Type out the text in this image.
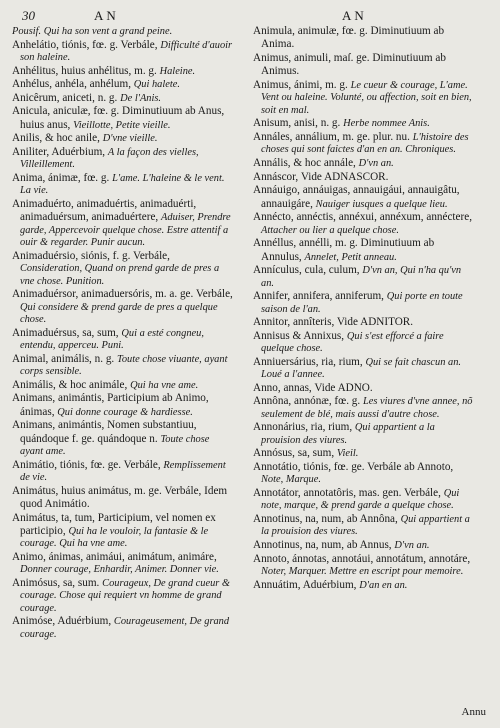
30	AN	AN

Pousif. Qui ha son vent a grand peine.

Anhelátio, tiónis, fœ. g. Verbále, Difficulté d'auoir son haleine.

Anhélitus, huius anhélitus, m. g. Haleine.

Anhélus, anhéla, anhélum, Qui halete.

Anicêrum, aniceti, n. g. De l'Anis.

Anicula, aniculæ, fœ. g. Diminutiuum ab Anus, huius anus, Vieillotte, Petite vieille.

Anilis, & hoc anile, D'vne vieille.

Aniliter, Aduérbium, A la façon des vielles, Villeillement.

Anima, ánimæ, fœ. g. L'ame. L'haleine & le vent. La vie.

Animaduérto, animaduértis, animaduérti, animaduérsum, animaduértere, Aduiser, Prendre garde, Appercevoir quelque chose. Estre attentif a ouir & regarder. Punir aucun.

Animaduérsio, siónis, f. g. Verbále, Consideration, Quand on prend garde de pres a vne chose. Punition.

Animaduérsor, animaduersóris, m. a. ge. Verbále, Qui considere & prend garde de pres a quelque chose.

Animaduérsus, sa, sum, Qui a esté congneu, entendu, apperceu. Puni.

Animal, animális, n. g. Toute chose viuante, ayant corps sensible.

Animális, & hoc animále, Qui ha vne ame.

Animans, animántis, Participium ab Animo, ánimas, Qui donne courage & hardiesse.

Animans, animántis, Nomen substantiuu, quándoque f. ge. quándoque n. Toute chose ayant ame.

Animátio, tiónis, fœ. ge. Verbále, Remplissement de vie.

Animátus, huius animátus, m. ge. Verbále, Idem quod Animátio.

Animátus, ta, tum, Participium, vel nomen ex participio, Qui ha le vouloir, la fantasie & le courage. Qui ha vne ame.

Animo, ánimas, animáui, animátum, animáre, Donner courage, Enhardir, Animer. Donner vie.

Animósus, sa, sum. Courageux, De grand cueur & courage. Chose qui requiert vn homme de grand courage.

Animóse, Aduérbium, Courageusement, De grand courage.

Animula, animulæ, fœ. g. Diminutiuum ab Anima.

Animus, animuli, maſ. ge. Diminutiuum ab Animus.

Animus, ánimi, m. g. Le cueur & courage, L'ame. Vent ou haleine. Volunté, ou affection, soit en bien, soit en mal.

Anisum, anisi, n. g. Herbe nommee Anis.

Annáles, annálium, m. ge. plur. nu. L'histoire des choses qui sont faictes d'an en an. Chroniques.

Annális, & hoc annále, D'vn an.

Annáscor, Vide ADNASCOR.

Annáuigo, annáuigas, annauigáui, annauigâtu, annauigáre, Nauiger iusques a quelque lieu.

Annécto, annéctis, annéxui, annéxum, annéctere, Attacher ou lier a quelque chose.

Annéllus, annélli, m. g. Diminutiuum ab Annulus, Annelet, Petit anneau.

Annículus, cula, culum, D'vn an, Qui n'ha qu'vn an.

Annifer, annifera, anniferum, Qui porte en toute saison de l'an.

Annitor, annîteris, Vide ADNITOR.

Annisus & Annixus, Qui s'est efforcé a faire quelque chose.

Anniuersárius, ria, rium, Qui se fait chascun an. Loué a l'annee.

Anno, annas, Vide ADNO.

Annôna, annónæ, fœ. g. Les viures d'vne annee, nõ seulement de blé, mais aussi d'autre chose.

Annonárius, ria, rium, Qui appartient a la prouision des viures.

Annósus, sa, sum, Vieil.

Annotátio, tiónis, fœ. ge. Verbále ab Annoto, Note, Marque.

Annotátor, annotatôris, mas. gen. Verbále, Qui note, marque, & prend garde a quelque chose.

Annotinus, na, num, ab Annôna, Qui appartient a la prouision des viures.

Annotinus, na, num, ab Annus, D'vn an.

Annoto, ánnotas, annotáui, annotátum, annotáre, Noter, Marquer. Mettre en escript pour memoire.

Annuátim, Aduérbium, D'an en an.

Annu
